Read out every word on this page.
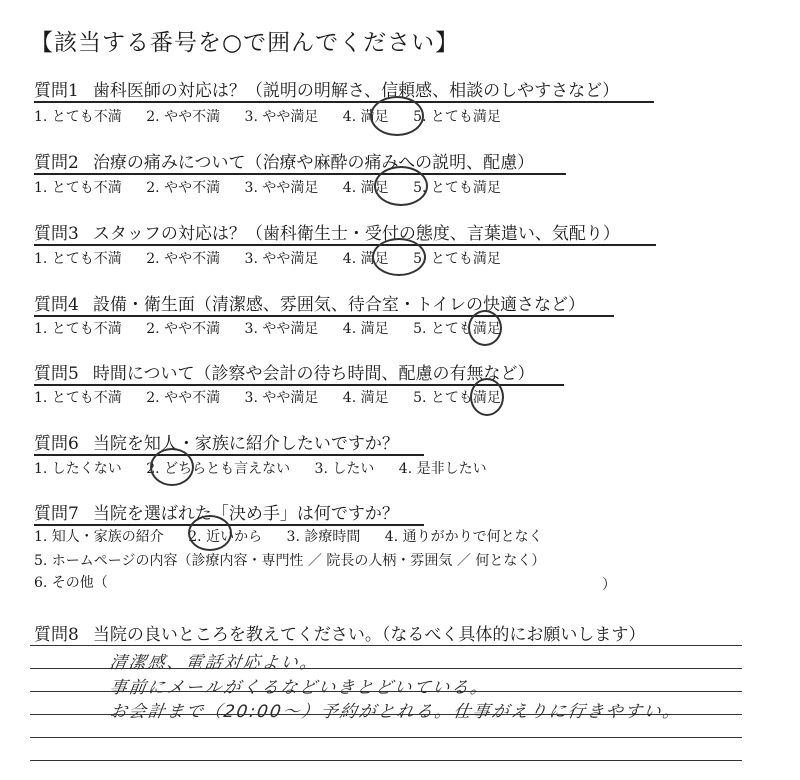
【該当する番号を○で囲んでください】
質問1 歯科医師の対応は？（説明の明解さ、信頼感、相談のしやすさなど）
1. とても不満 2. やや不満 3. やや満足 4. 満足 5. とても満足
質問2 治療の痛みについて（治療や麻酔の痛みへの説明、配慮）
1. とても不満 2. やや不満 3. やや満足 4. 満足 5. とても満足
質問3 スタッフの対応は？（歯科衛生士・受付の態度、言葉遣い、気配り）
1. とても不満 2. やや不満 3. やや満足 4. 満足 5. とても満足
質問4 設備・衛生面（清潔感、雰囲気、待合室・トイレの快適さなど）
1. とても不満 2. やや不満 3. やや満足 4. 満足 5. とても満足
質問5 時間について（診察や会計の待ち時間、配慮の有無など）
1. とても不満 2. やや不満 3. やや満足 4. 満足 5. とても満足
質問6 当院を知人・家族に紹介したいですか？
1. したくない 2. どちらとも言えない 3. したい 4. 是非したい
質問7 当院を選ばれた「決め手」は何ですか？
1. 知人・家族の紹介 2. 近いから 3. 診療時間 4. 通りがかりで何となく
5. ホームページの内容（診療内容・専門性 ／ 院長の人柄・雰囲気 ／ 何となく）
6. その他（	）
質問8 当院の良いところを教えてください。（なるべく具体的にお願いします）
清潔感、電話対応よい。
事前にメールがくるなどいきとどいている。
お会計まで（20:00〜）予約がとれる。仕事がえりに行きやすい。
